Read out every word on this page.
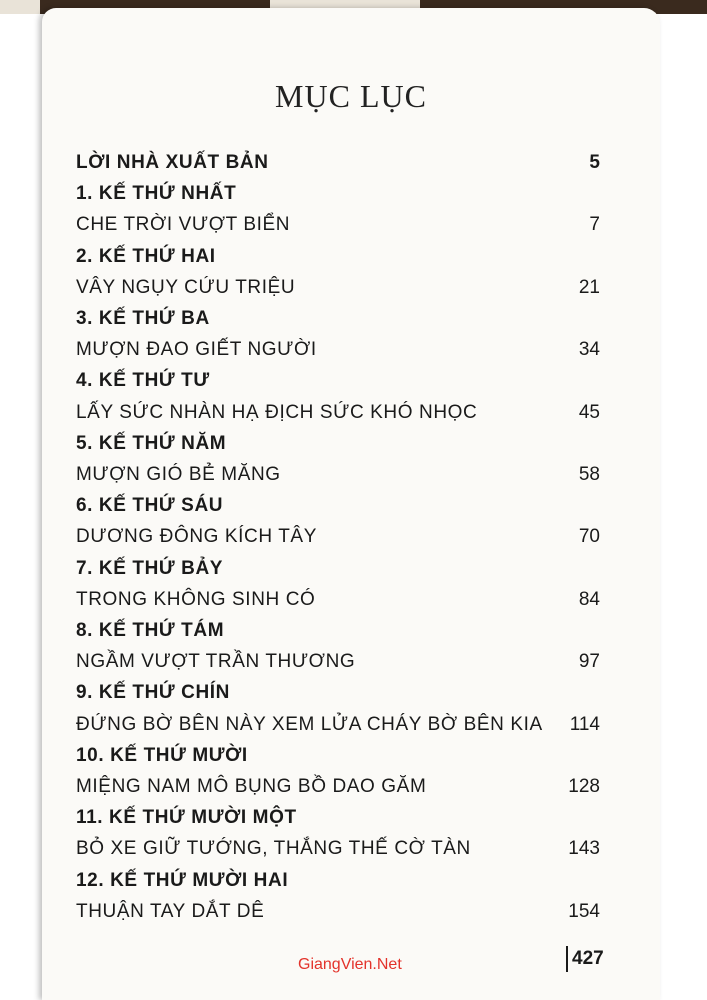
MỤC LỤC
LỜI NHÀ XUẤT BẢN	5
1. KẾ THỨ NHẤT
CHE TRỜI VƯỢT BIỂN	7
2. KẾ THỨ HAI
VÂY NGỤY CỨU TRIỆU	21
3. KẾ THỨ BA
MƯỢN ĐAO GIẾT NGƯỜI	34
4. KẾ THỨ TƯ
LẤY SỨC NHÀN HẠ ĐỊCH SỨC KHÓ NHỌC	45
5. KẾ THỨ NĂM
MƯỢN GIÓ BẺ MĂNG	58
6. KẾ THỨ SÁU
DƯƠNG ĐÔNG KÍCH TÂY	70
7. KẾ THỨ BẢY
TRONG KHÔNG SINH CÓ	84
8. KẾ THỨ TÁM
NGẦM VƯỢT TRẦN THƯƠNG	97
9. KẾ THỨ CHÍN
ĐỨNG BỜ BÊN NÀY XEM LỬA CHÁY BỜ BÊN KIA 114
10. KẾ THỨ MƯỜI
MIỆNG NAM MÔ BỤNG BỒ DAO GĂM	128
11. KẾ THỨ MƯỜI MỘT
BỎ XE GIỮ TƯỚNG, THẮNG THẾ CỜ TÀN	143
12. KẾ THỨ MƯỜI HAI
THUẬN TAY DẮT DÊ	154
GiangVien.Net	427
